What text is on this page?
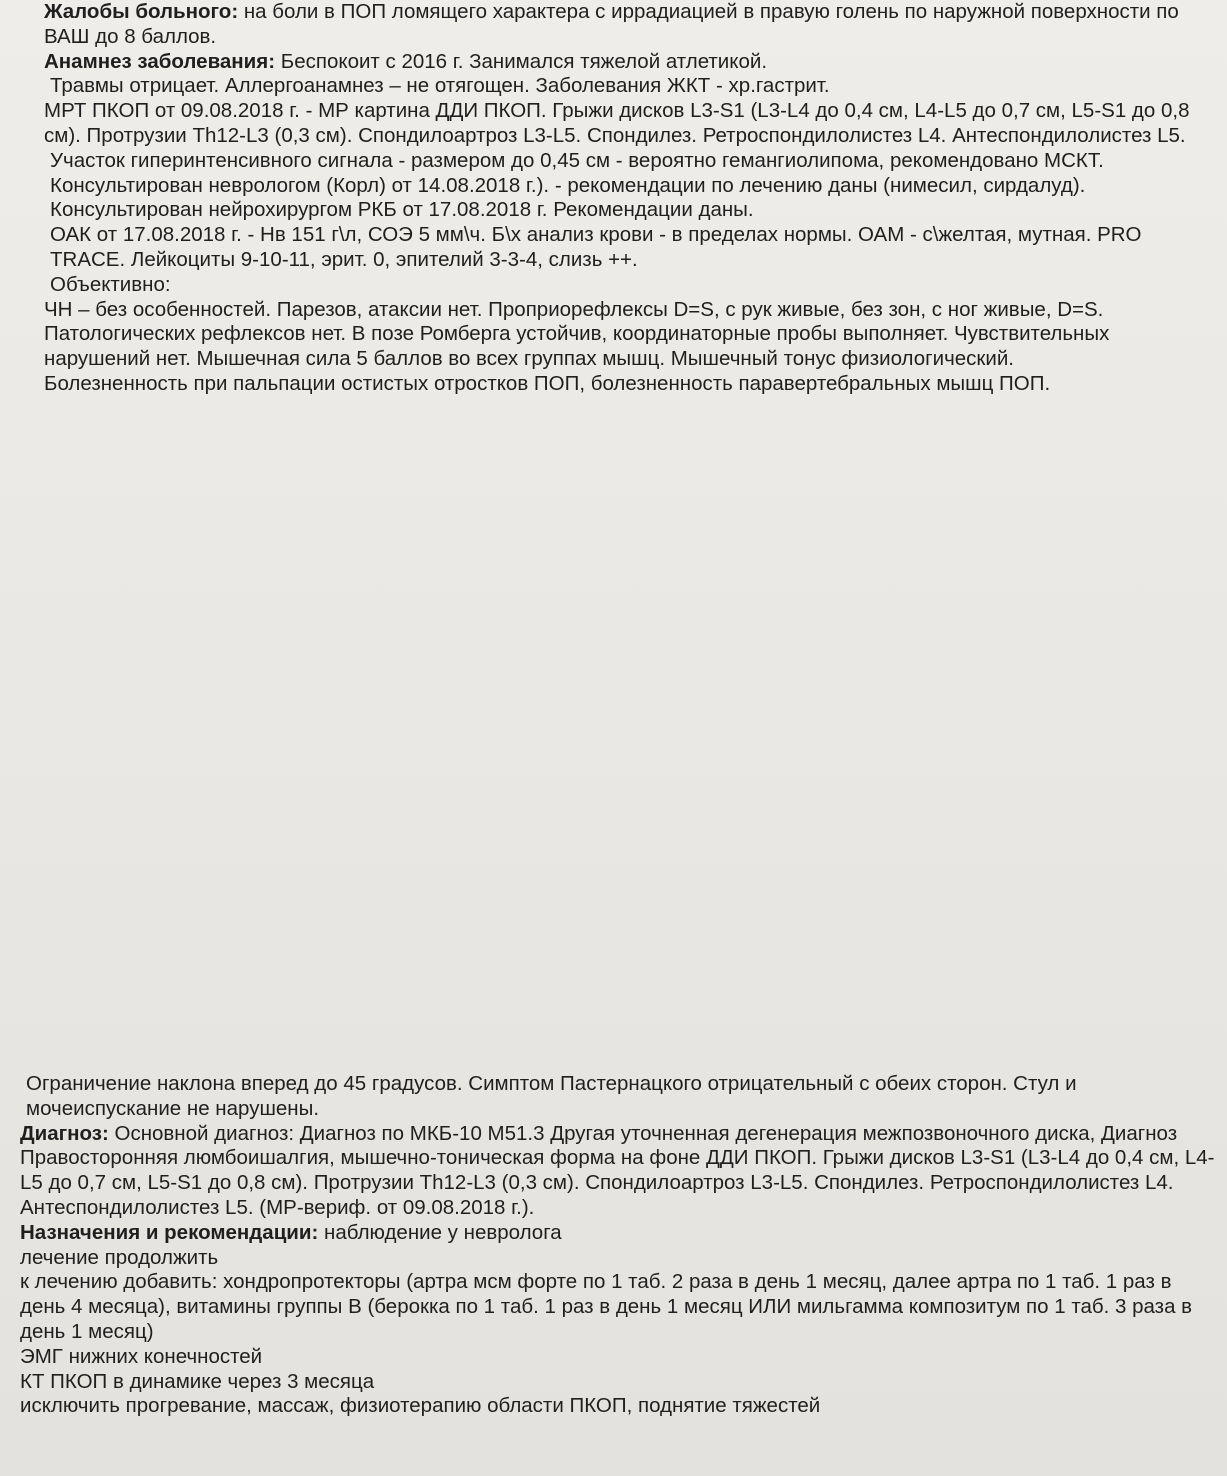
Жалобы больного: на боли в ПОП ломящего характера с иррадиацией в правую голень по наружной поверхности по ВАШ до 8 баллов.

Анамнез заболевания: Беспокоит с 2016 г. Занимался тяжелой атлетикой.

Травмы отрицает. Аллергоанамнез – не отягощен. Заболевания ЖКТ - хр.гастрит.

МРТ ПКОП от 09.08.2018 г. - МР картина ДДИ ПКОП. Грыжи дисков L3-S1 (L3-L4 до 0,4 см, L4-L5 до 0,7 см, L5-S1 до 0,8 см). Протрузии Th12-L3 (0,3 см). Спондилоартроз L3-L5. Спондилез. Ретроспондилолистез L4. Антеспондилолистез L5.

Участок гиперинтенсивного сигнала - размером до 0,45 см - вероятно гемангиолипома, рекомендовано МСКТ.

Консультирован неврологом (Корл) от 14.08.2018 г.). - рекомендации по лечению даны (нимесил, сирдалуд).

Консультирован нейрохирургом РКБ от 17.08.2018 г. Рекомендации даны.

ОАК от 17.08.2018 г. - Нв 151 г\л, СОЭ 5 мм\ч. Б\х анализ крови - в пределах нормы. ОАМ - с\желтая, мутная. PRO TRACE. Лейкоциты 9-10-11, эрит. 0, эпителий 3-3-4, слизь ++.

Объективно:

ЧН – без особенностей. Парезов, атаксии нет. Проприорефлексы D=S, с рук живые, без зон, с ног живые, D=S. Патологических рефлексов нет. В позе Ромберга устойчив, координаторные пробы выполняет. Чувствительных нарушений нет. Мышечная сила 5 баллов во всех группах мышц. Мышечный тонус физиологический.

Болезненность при пальпации остистых отростков ПОП, болезненность паравертебральных мышц ПОП.

Ограничение наклона вперед до 45 градусов. Симптом Пастернацкого отрицательный с обеих сторон. Стул и мочеиспускание не нарушены.

Диагноз: Основной диагноз: Диагноз по МКБ-10 M51.3 Другая уточненная дегенерация межпозвоночного диска, Диагноз Правосторонняя люмбоишалгия, мышечно-тоническая форма на фоне ДДИ ПКОП. Грыжи дисков L3-S1 (L3-L4 до 0,4 см, L4-L5 до 0,7 см, L5-S1 до 0,8 см). Протрузии Th12-L3 (0,3 см). Спондилоартроз L3-L5. Спондилез. Ретроспондилолистез L4. Антеспондилолистез L5. (МР-вериф. от 09.08.2018 г.).

Назначения и рекомендации: наблюдение у невролога

лечение продолжить

к лечению добавить: хондропротекторы (артра мсм форте по 1 таб. 2 раза в день 1 месяц, далее артра по 1 таб. 1 раз в день 4 месяца), витамины группы В (берокка по 1 таб. 1 раз в день 1 месяц ИЛИ мильгамма композитум по 1 таб. 3 раза в день 1 месяц)

ЭМГ нижних конечностей

КТ ПКОП в динамике через 3 месяца

исключить прогревание, массаж, физиотерапию области ПКОП, поднятие тяжестей
